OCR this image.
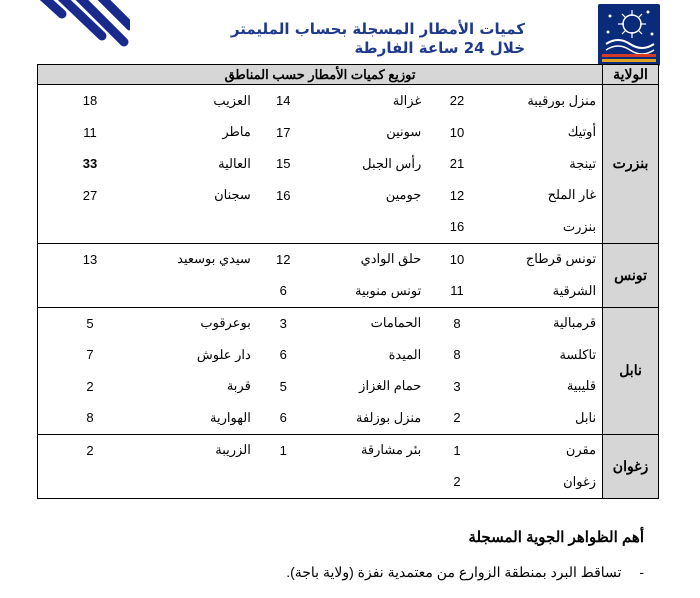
كميات الأمطار المسجلة بحساب المليمتر
خلال 24 ساعة الفارطة
الولاية	توزيع كميات الأمطار حسب المناطق					
بنزرت	منزل بورقيبة	22	غزالة	14	العزيب	18
	أوتيك	10	سونين	17	ماطر	11
	تينجة	21	رأس الجبل	15	العالية	33
	غار الملح	12	جومين	16	سجنان	27
	بنزرت	16				
تونس	تونس قرطاج	10	حلق الوادي	12	سيدي بوسعيد	13
	الشرقية	11	تونس منوبية	6		
نابل	قرمبالية	8	الحمامات	3	بوعرقوب	5
	تاكلسة	8	الميدة	6	دار علوش	7
	قليبية	3	حمام الغزاز	5	قربة	2
	نابل	2	منزل بوزلفة	6	الهوارية	8
زغوان	مقرن	1	بئر مشارقة	1	الزريبة	2
	زغوان	2				
أهم الظواهر الجوية المسجلة
- تساقط البرد بمنطقة الزوارع من معتمدية نفزة (ولاية باجة).
